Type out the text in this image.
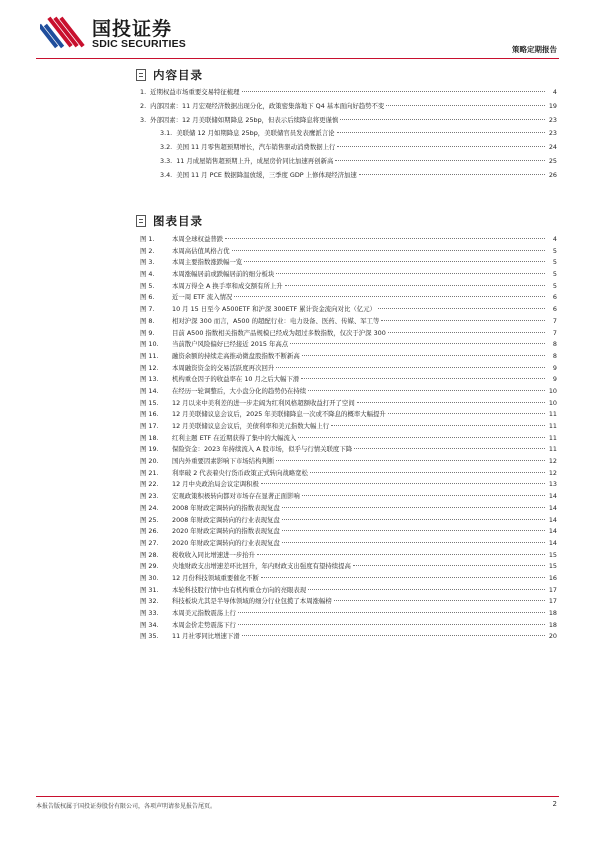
国投证券
SDIC SECURITIES	策略定期报告
内容目录
1. 近期权益市场重要交易特征梳理	4
2. 内部因素：11 月宏观经济数据出现分化，政策密集落地下 Q4 基本面向好趋势不变	19
3. 外部因素：12 月美联储如期降息 25bp，但表示后续降息将更谨慎	23
3.1. 美联储 12 月如期降息 25bp，美联储官员发表鹰派言论	23
3.2. 美国 11 月零售超预期增长，汽车销售驱动消费数据上行	24
3.3. 11 月成屋销售超预期上升，成屋房价同比加速再创新高	25
3.4. 美国 11 月 PCE 数据降温放缓，三季度 GDP 上修体现经济加速	26
图表目录
图 1.	本周全球权益普跌	4
图 2.	本周高估值风格占优	5
图 3.	本周主要指数涨跌幅一览	5
图 4.	本周涨幅居前或跌幅居前的细分板块	5
图 5.	本周万得全 A 换手率和成交额有所上升	5
图 6.	近一周 ETF 流入情况	6
图 7.	10 月 15 日至今 A500ETF 和沪深 300ETF 累计资金流向对比（亿元）	6
图 8.	相对沪深 300 而言，A500 的超配行业：电力设备、医药、传媒、军工等	7
图 9.	目前 A500 指数相关指数产品规模已经成为超过多数指数，仅次于沪深 300	7
图 10.	当前散户风险偏好已经接近 2015 年高点	8
图 11.	融资余额的持续走高推动微盘股指数不断新高	8
图 12.	本周融资资金的交易活跃度再次回升	9
图 13.	机构重仓因子的收益率在 10 月之后大幅下滑	9
图 14.	在经历一轮调整后，大小盘分化的趋势仍在持续	10
图 15.	12 月以来中美利差的进一步走阔为红利风格超额收益打开了空间	10
图 16.	12 月美联储议息会议后，2025 年美联储降息一次或不降息的概率大幅提升	11
图 17.	12 月美联储议息会议后，美债利率和美元指数大幅上行	11
图 18.	红利主题 ETF 在近期获得了集中的大幅流入	11
图 19.	保险资金：2023 年持续流入 A 股市场，似乎与行情关联度下降	11
图 20.	国内外重要因素影响下市场结构判断	12
图 21.	利率破 2 代表着央行货币政策正式转向战略宽松	12
图 22.	12 月中央政治局会议定调积极	13
图 23.	宏观政策积极转向都对市场存在显著正面影响	14
图 24.	2008 年财政定调转向的指数表现复盘	14
图 25.	2008 年财政定调转向的行业表现复盘	14
图 26.	2020 年财政定调转向的指数表现复盘	14
图 27.	2020 年财政定调转向的行业表现复盘	14
图 28.	税收收入同比增速进一步抬升	15
图 29.	央地财政支出增速差环比回升，年内财政支出强度有望持续提高	15
图 30.	12 月份科技领域重要催化不断	16
图 31.	本轮科技股行情中也有机构重仓方向的亮眼表现	17
图 32.	科技板块尤其是半导体领域的细分行业包揽了本周涨幅榜	17
图 33.	本周美元指数震荡上行	18
图 34.	本周金价走势震荡下行	18
图 35.	11 月社零同比增速下滑	20
本报告版权属于国投证券股份有限公司，各项声明请参见报告尾页。	2
